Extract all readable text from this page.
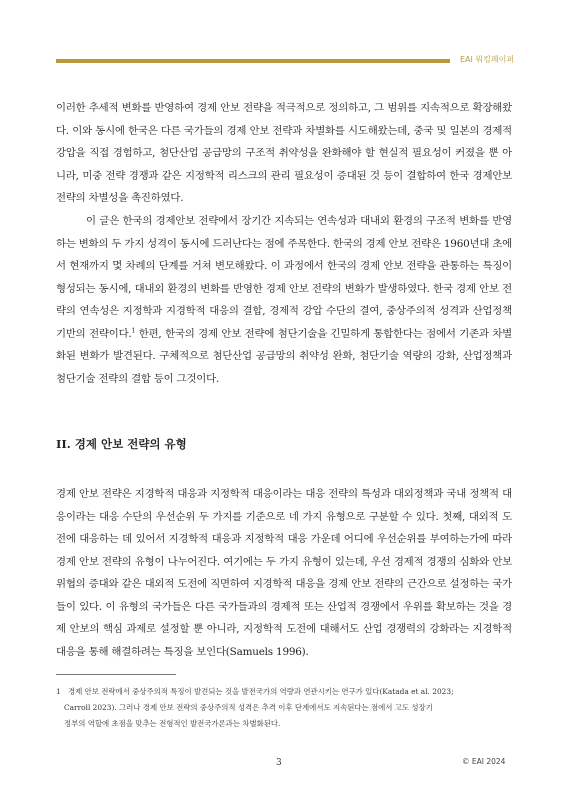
EAI 워킹페이퍼
이러한 추세적 변화를 반영하여 경제 안보 전략을 적극적으로 정의하고, 그 범위를 지속적으로 확장해왔다. 이와 동시에 한국은 다른 국가들의 경제 안보 전략과 차별화를 시도해왔는데, 중국 및 일본의 경제적 강압을 직접 경험하고, 첨단산업 공급망의 구조적 취약성을 완화해야 할 현실적 필요성이 커졌을 뿐 아니라, 미중 전략 경쟁과 같은 지정학적 리스크의 관리 필요성이 증대된 것 등이 결합하여 한국 경제안보 전략의 차별성을 촉진하였다.
이 글은 한국의 경제안보 전략에서 장기간 지속되는 연속성과 대내외 환경의 구조적 변화를 반영하는 변화의 두 가지 성격이 동시에 드러난다는 점에 주목한다. 한국의 경제 안보 전략은 1960년대 초에서 현재까지 몇 차례의 단계를 거쳐 변모해왔다. 이 과정에서 한국의 경제 안보 전략을 관통하는 특징이 형성되는 동시에, 대내외 환경의 변화를 반영한 경제 안보 전략의 변화가 발생하였다. 한국 경제 안보 전략의 연속성은 지정학과 지경학적 대응의 결합, 경제적 강압 수단의 결여, 중상주의적 성격과 산업정책 기반의 전략이다.$^1$ 한편, 한국의 경제 안보 전략에 첨단기술을 긴밀하게 통합한다는 점에서 기존과 차별화된 변화가 발견된다. 구체적으로 첨단산업 공급망의 취약성 완화, 첨단기술 역량의 강화, 산업정책과 첨단기술 전략의 결합 등이 그것이다.
II. 경제 안보 전략의 유형
경제 안보 전략은 지경학적 대응과 지정학적 대응이라는 대응 전략의 특성과 대외정책과 국내 정책적 대응이라는 대응 수단의 우선순위 두 가지를 기준으로 네 가지 유형으로 구분할 수 있다. 첫째, 대외적 도전에 대응하는 데 있어서 지경학적 대응과 지정학적 대응 가운데 어디에 우선순위를 부여하는가에 따라 경제 안보 전략의 유형이 나누어진다. 여기에는 두 가지 유형이 있는데, 우선 경제적 경쟁의 심화와 안보 위협의 증대와 같은 대외적 도전에 직면하여 지경학적 대응을 경제 안보 전략의 근간으로 설정하는 국가들이 있다. 이 유형의 국가들은 다른 국가들과의 경제적 또는 산업적 경쟁에서 우위를 확보하는 것을 경제 안보의 핵심 과제로 설정할 뿐 아니라, 지정학적 도전에 대해서도 산업 경쟁력의 강화라는 지경학적 대응을 통해 해결하려는 특징을 보인다(Samuels 1996).
1 경제 안보 전략에서 중상주의적 특징이 발견되는 것을 발전국가의 역량과 연관시키는 연구가 있다(Katada et al. 2023;
Carroll 2023). 그러나 경제 안보 전략의 중상주의적 성격은 추격 이후 단계에서도 지속된다는 점에서 고도 성장기
정부의 역할에 초점을 맞추는 전형적인 발전국가론과는 차별화된다.
3	© EAI 2024
